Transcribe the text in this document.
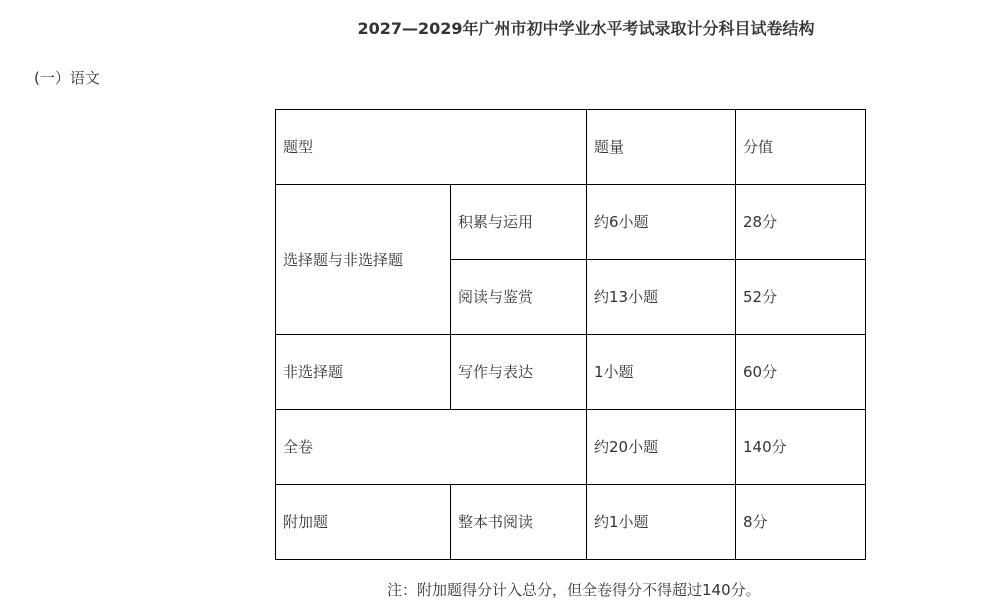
2027—2029年广州市初中学业水平考试录取计分科目试卷结构
(一）语文
题型		题量	分值
选择题与非选择题	积累与运用	约6小题	28分
	阅读与鉴赏	约13小题	52分
非选择题	写作与表达	1小题	60分
全卷		约20小题	140分
附加题	整本书阅读	约1小题	8分
注：附加题得分计入总分，但全卷得分不得超过140分。
